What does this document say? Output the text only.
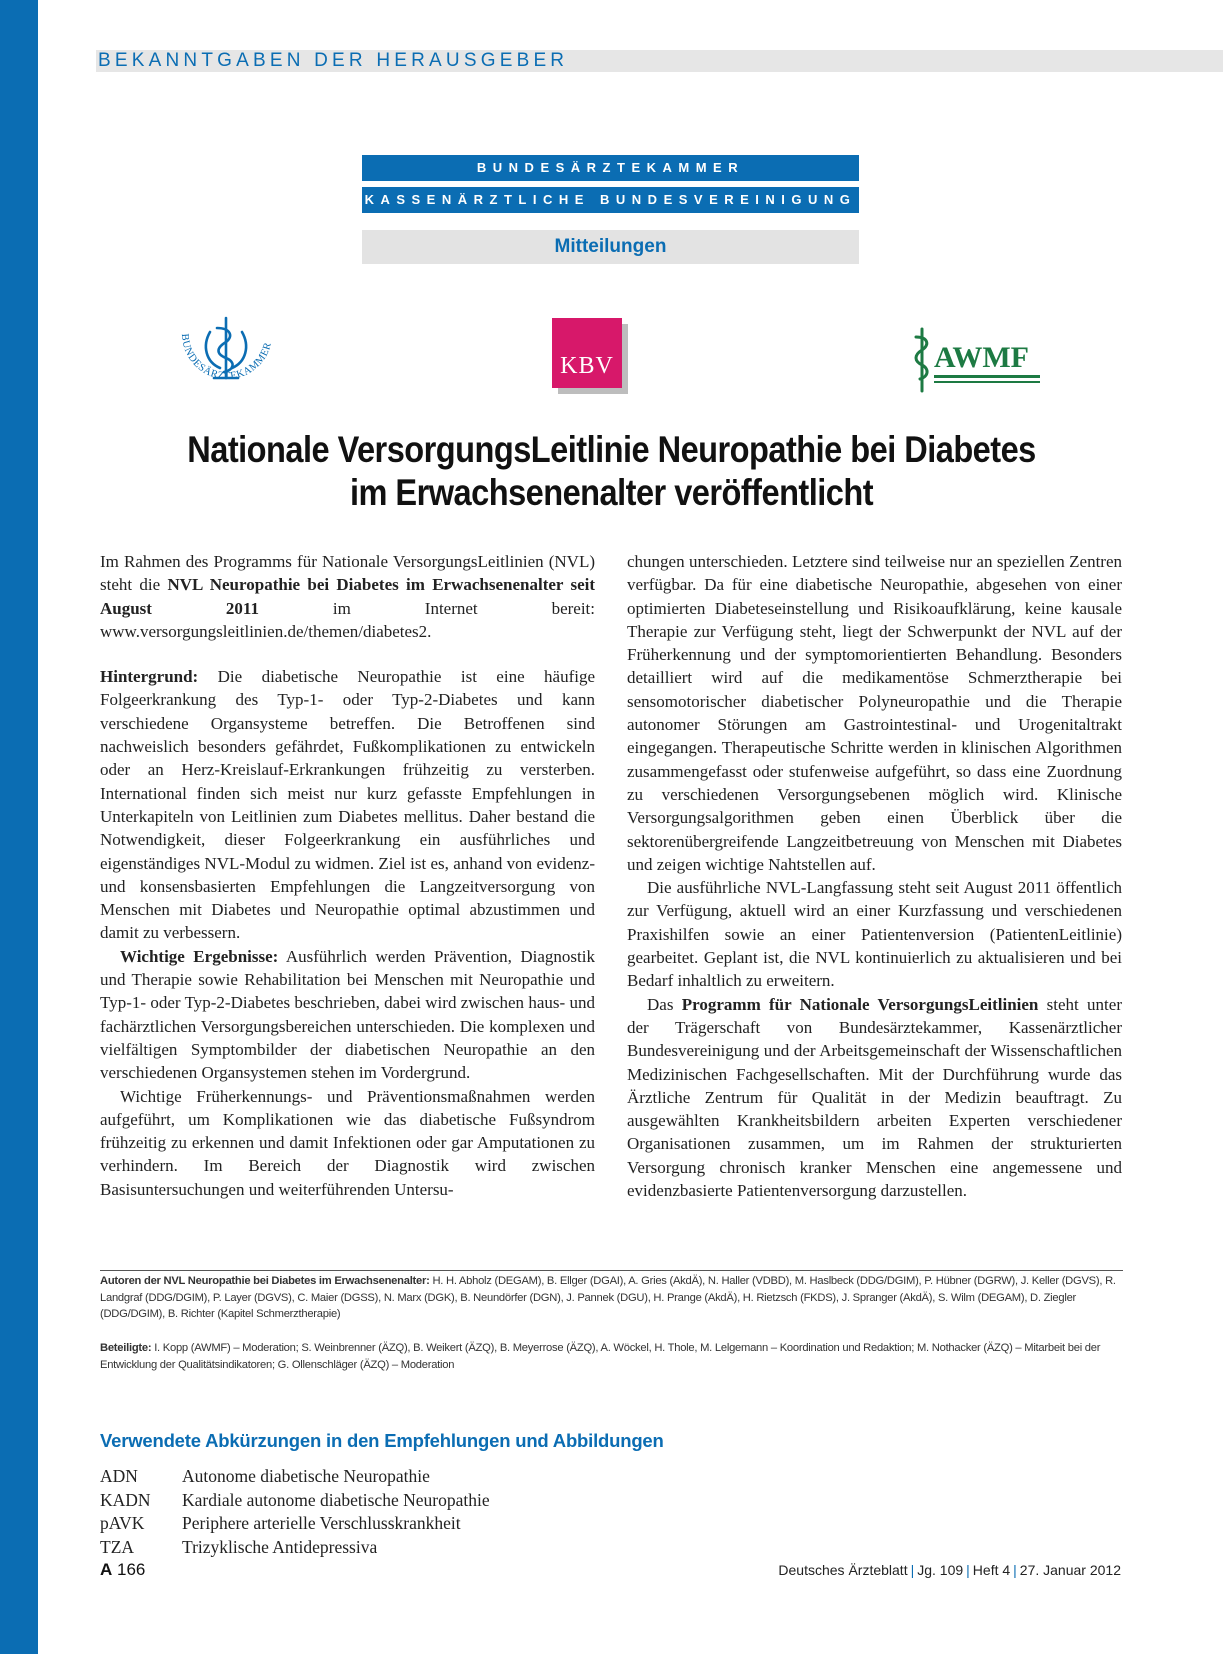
BEKANNTGABEN DER HERAUSGEBER
BUNDESÄRZTEKAMMER
KASSENÄRZTLICHE BUNDESVEREINIGUNG
Mitteilungen
BUNDESÄRZTEKAMMER
KBV	AWMF
Nationale VersorgungsLeitlinie Neuropathie bei Diabetes
im Erwachsenenalter veröffentlicht

Im Rahmen des Programms für Nationale VersorgungsLeitlinien (NVL) steht die NVL Neuropathie bei Diabetes im Erwachsenenalter seit August 2011 im Internet bereit: www.versorgungsleitlinien.de/themen/diabetes2.

Hintergrund: Die diabetische Neuropathie ist eine häufige Folgeerkrankung des Typ-1- oder Typ-2-Diabetes und kann verschiedene Organsysteme betreffen. Die Betroffenen sind nachweislich besonders gefährdet, Fußkomplikationen zu entwickeln oder an Herz-Kreislauf-Erkrankungen frühzeitig zu versterben. International finden sich meist nur kurz gefasste Empfehlungen in Unterkapiteln von Leitlinien zum Diabetes mellitus. Daher bestand die Notwendigkeit, dieser Folgeerkrankung ein ausführliches und eigenständiges NVL-Modul zu widmen. Ziel ist es, anhand von evidenz- und konsensbasierten Empfehlungen die Langzeitversorgung von Menschen mit Diabetes und Neuropathie optimal abzustimmen und damit zu verbessern.

Wichtige Ergebnisse: Ausführlich werden Prävention, Diagnostik und Therapie sowie Rehabilitation bei Menschen mit Neuropathie und Typ-1- oder Typ-2-Diabetes beschrieben, dabei wird zwischen haus- und fachärztlichen Versorgungsbereichen unterschieden. Die komplexen und vielfältigen Symptombilder der diabetischen Neuropathie an den verschiedenen Organsystemen stehen im Vordergrund.

Wichtige Früherkennungs- und Präventionsmaßnahmen werden aufgeführt, um Komplikationen wie das diabetische Fußsyndrom frühzeitig zu erkennen und damit Infektionen oder gar Amputationen zu verhindern. Im Bereich der Diagnostik wird zwischen Basisuntersuchungen und weiterführenden Untersu-

chungen unterschieden. Letztere sind teilweise nur an speziellen Zentren verfügbar. Da für eine diabetische Neuropathie, abgesehen von einer optimierten Diabeteseinstellung und Risikoaufklärung, keine kausale Therapie zur Verfügung steht, liegt der Schwerpunkt der NVL auf der Früherkennung und der symptomorientierten Behandlung. Besonders detailliert wird auf die medikamentöse Schmerztherapie bei sensomotorischer diabetischer Polyneuropathie und die Therapie autonomer Störungen am Gastrointestinal- und Urogenitaltrakt eingegangen. Therapeutische Schritte werden in klinischen Algorithmen zusammengefasst oder stufenweise aufgeführt, so dass eine Zuordnung zu verschiedenen Versorgungsebenen möglich wird. Klinische Versorgungsalgorithmen geben einen Überblick über die sektorenübergreifende Langzeitbetreuung von Menschen mit Diabetes und zeigen wichtige Nahtstellen auf.

Die ausführliche NVL-Langfassung steht seit August 2011 öffentlich zur Verfügung, aktuell wird an einer Kurzfassung und verschiedenen Praxishilfen sowie an einer Patientenversion (PatientenLeitlinie) gearbeitet. Geplant ist, die NVL kontinuierlich zu aktualisieren und bei Bedarf inhaltlich zu erweitern.

Das Programm für Nationale VersorgungsLeitlinien steht unter der Trägerschaft von Bundesärztekammer, Kassenärztlicher Bundesvereinigung und der Arbeitsgemeinschaft der Wissenschaftlichen Medizinischen Fachgesellschaften. Mit der Durchführung wurde das Ärztliche Zentrum für Qualität in der Medizin beauftragt. Zu ausgewählten Krankheitsbildern arbeiten Experten verschiedener Organisationen zusammen, um im Rahmen der strukturierten Versorgung chronisch kranker Menschen eine angemessene und evidenzbasierte Patientenversorgung darzustellen.

Autoren der NVL Neuropathie bei Diabetes im Erwachsenenalter: H. H. Abholz (DEGAM), B. Ellger (DGAI), A. Gries (AkdÄ), N. Haller (VDBD), M. Haslbeck (DDG/DGIM), P. Hübner (DGRW), J. Keller (DGVS), R. Landgraf (DDG/DGIM), P. Layer (DGVS), C. Maier (DGSS), N. Marx (DGK), B. Neundörfer (DGN), J. Pannek (DGU), H. Prange (AkdÄ), H. Rietzsch (FKDS), J. Spranger (AkdÄ), S. Wilm (DEGAM), D. Ziegler (DDG/DGIM), B. Richter (Kapitel Schmerztherapie)
Beteiligte: I. Kopp (AWMF) – Moderation; S. Weinbrenner (ÄZQ), B. Weikert (ÄZQ), B. Meyerrose (ÄZQ), A. Wöckel, H. Thole, M. Lelgemann – Koordination und Redaktion; M. Nothacker (ÄZQ) – Mitarbeit bei der Entwicklung der Qualitätsindikatoren; G. Ollenschläger (ÄZQ) – Moderation
Verwendete Abkürzungen in den Empfehlungen und Abbildungen
ADN	Autonome diabetische Neuropathie
KADN	Kardiale autonome diabetische Neuropathie
pAVK	Periphere arterielle Verschlusskrankheit
TZA	Trizyklische Antidepressiva
A 166	Deutsches Ärzteblatt | Jg. 109 | Heft 4 | 27. Januar 2012
